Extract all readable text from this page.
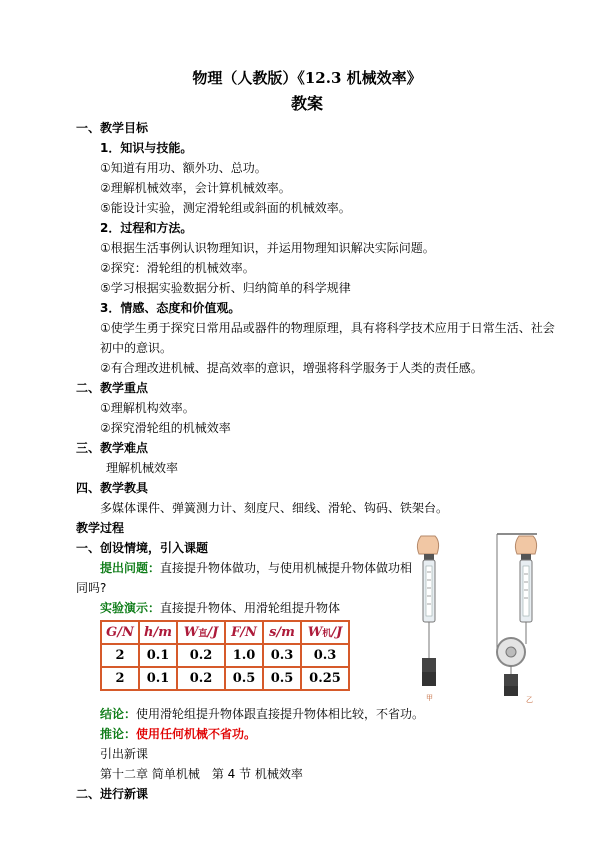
物理（人教版）《12.3 机械效率》
教案
一、教学目标
1．知识与技能。
①知道有用功、额外功、总功。
②理解机械效率，会计算机械效率。
⑤能设计实验，测定滑轮组或斜面的机械效率。
2．过程和方法。
①根据生活事例认识物理知识，并运用物理知识解决实际问题。
②探究：滑轮组的机械效率。
⑤学习根据实验数据分析、归纳简单的科学规律
3．情感、态度和价值观。
①使学生勇于探究日常用品或器件的物理原理，具有将科学技术应用于日常生活、社会
初中的意识。
②有合理改进机械、提高效率的意识，增强将科学服务于人类的责任感。
二、教学重点
①理解机构效率。
②探究滑轮组的机械效率
三、教学难点
理解机械效率
四、教学教具
多媒体课件、弹簧测力计、刻度尺、细线、滑轮、钩码、铁架台。
教学过程
一、创设情境，引入课题
提出问题：直接提升物体做功，与使用机械提升物体做功相
同吗?
实验演示：直接提升物体、用滑轮组提升物体
G/N	h/m	W直/J	F/N	s/m	W机/J
2	0.1	0.2	1.0	0.3	0.3
2	0.1	0.2	0.5	0.5	0.25
甲	乙
结论：使用滑轮组提升物体跟直接提升物体相比较，不省功。
推论：使用任何机械不省功。
引出新课
第十二章 简单机械　第 4 节 机械效率
二、进行新课
